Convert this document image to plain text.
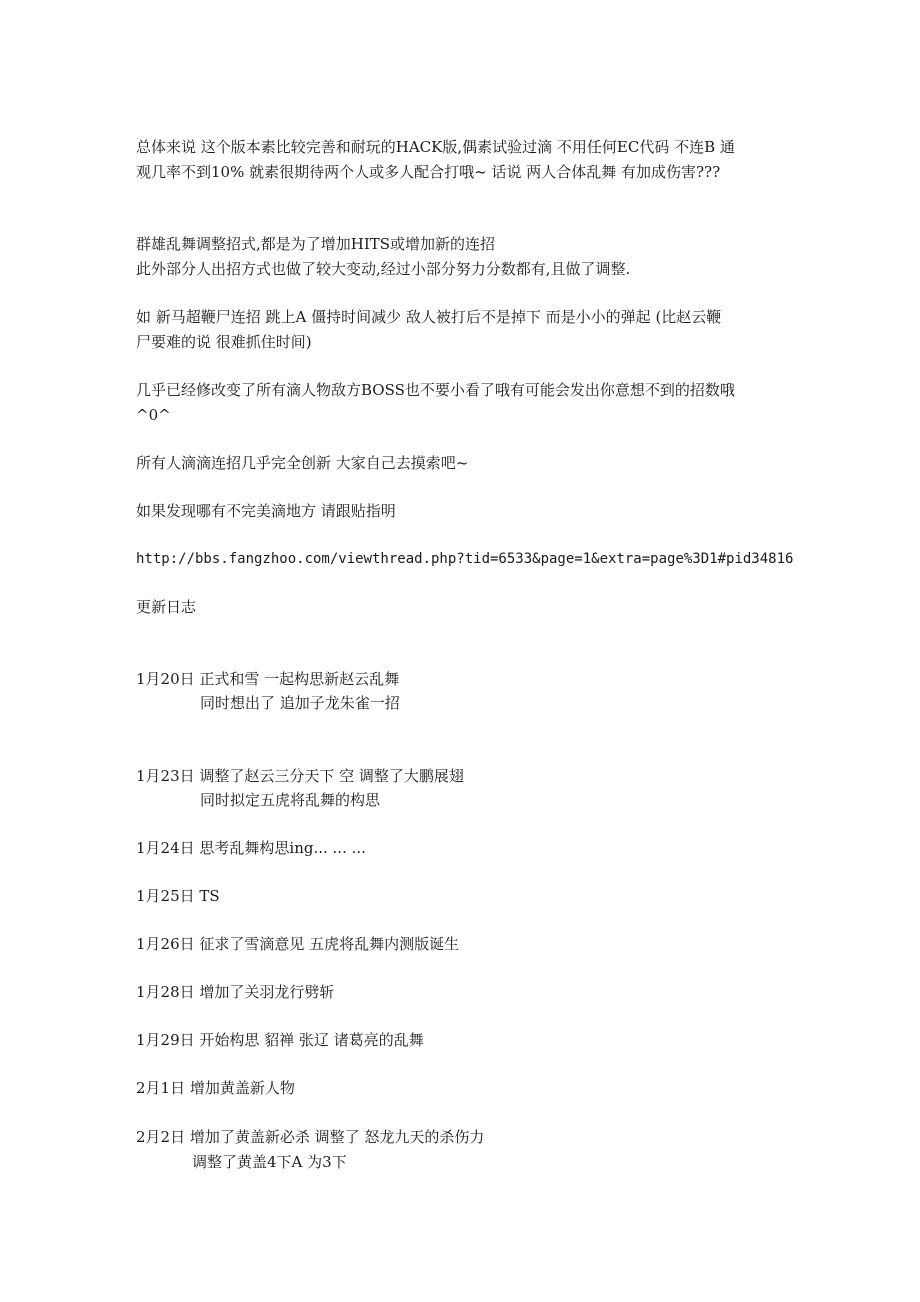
总体来说 这个版本素比较完善和耐玩的HACK版,偶素试验过滴 不用任何EC代码 不连B 通
观几率不到10% 就素很期待两个人或多人配合打哦~ 话说 两人合体乱舞 有加成伤害???
群雄乱舞调整招式,都是为了增加HITS或增加新的连招
此外部分人出招方式也做了较大变动,经过小部分努力分数都有,且做了调整.
如 新马超鞭尸连招 跳上A 僵持时间减少 敌人被打后不是掉下 而是小小的弹起 (比赵云鞭
尸要难的说 很难抓住时间)
几乎已经修改变了所有滴人物敌方BOSS也不要小看了哦有可能会发出你意想不到的招数哦
^0^
所有人滴滴连招几乎完全创新 大家自己去摸索吧~
如果发现哪有不完美滴地方 请跟贴指明
http://bbs.fangzhoo.com/viewthread.php?tid=6533&page=1&extra=page%3D1#pid34816
更新日志
1月20日 正式和雪 一起构思新赵云乱舞
同时想出了 追加子龙朱雀一招
1月23日 调整了赵云三分天下 空 调整了大鹏展翅
同时拟定五虎将乱舞的构思
1月24日 思考乱舞构思ing... ... ...
1月25日 TS
1月26日 征求了雪滴意见 五虎将乱舞内测版诞生
1月28日 增加了关羽龙行劈斩
1月29日 开始构思 貂禅 张辽 诸葛亮的乱舞
2月1日 增加黄盖新人物
2月2日 增加了黄盖新必杀 调整了 怒龙九天的杀伤力
调整了黄盖4下A 为3下
